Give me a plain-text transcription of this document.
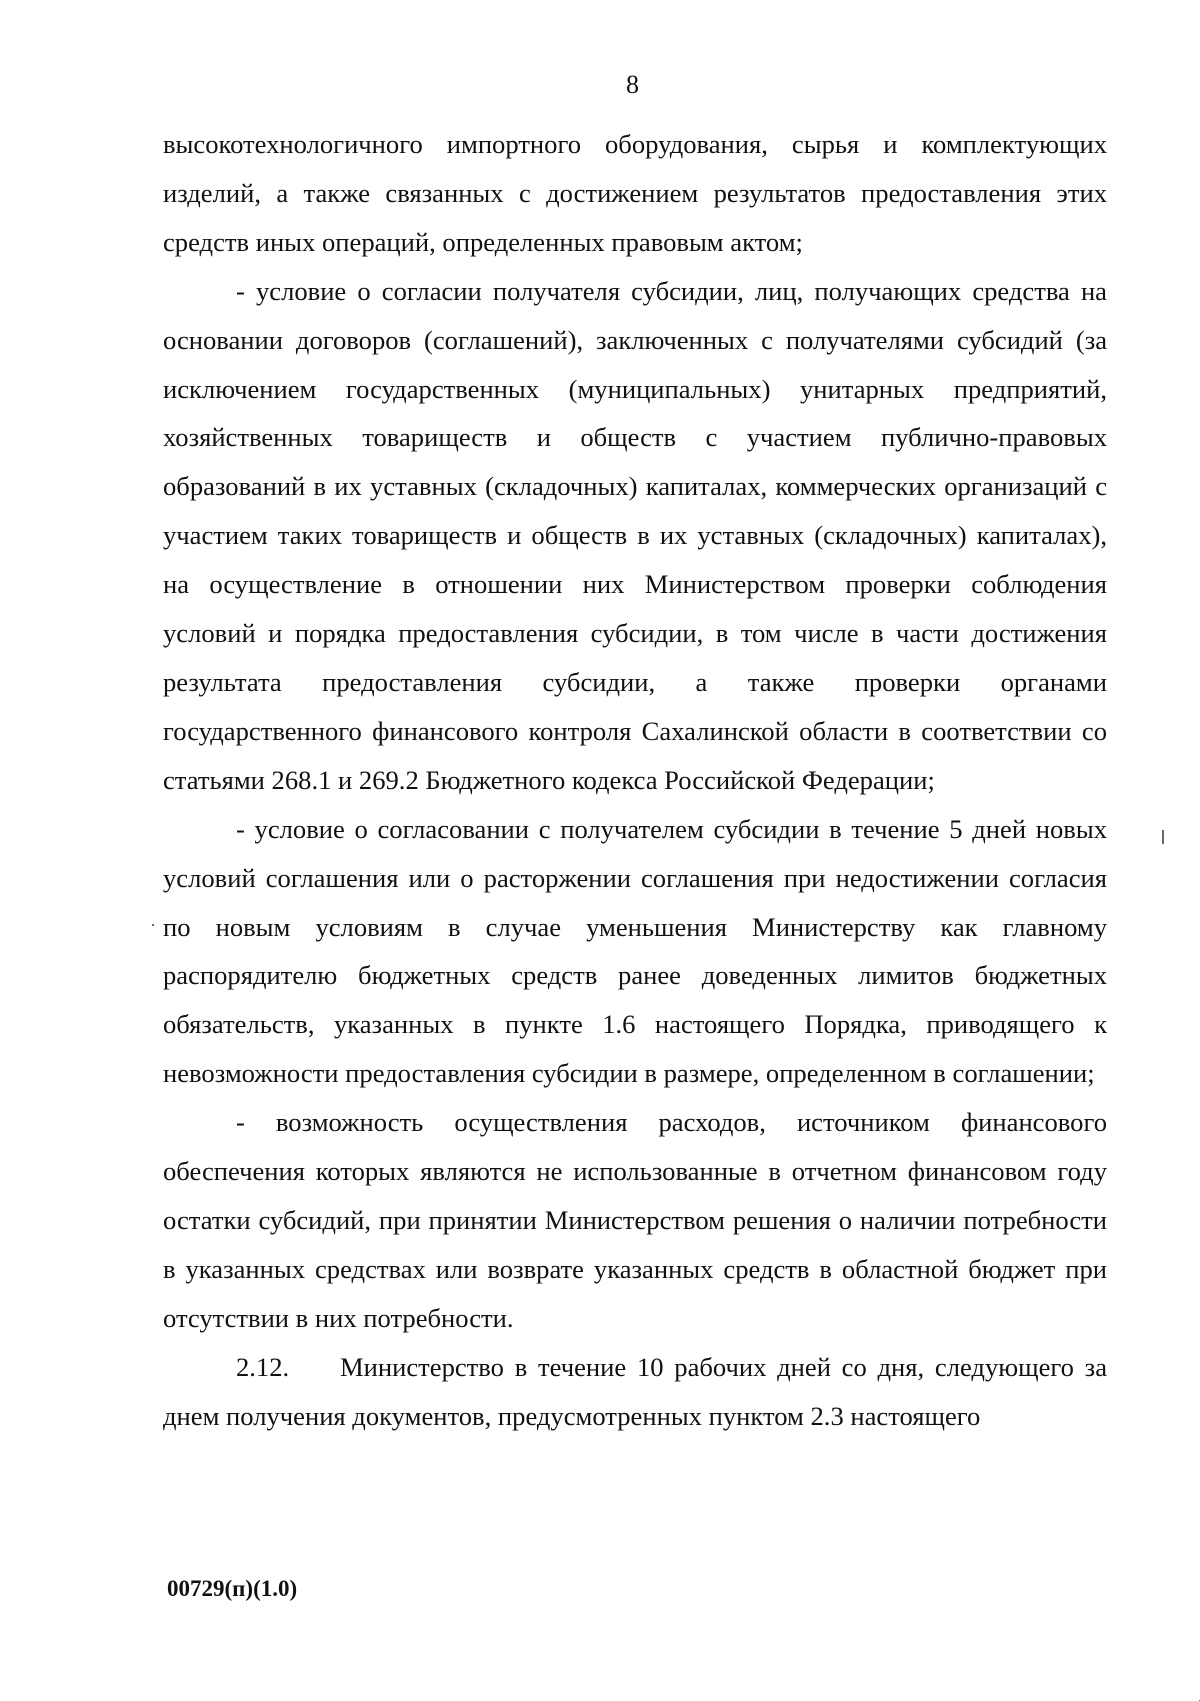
8

высокотехнологичного импортного оборудования, сырья и комплектующих изделий, а также связанных с достижением результатов предоставления этих средств иных операций, определенных правовым актом;

- условие о согласии получателя субсидии, лиц, получающих средства на основании договоров (соглашений), заключенных с получателями субсидий (за исключением государственных (муниципальных) унитарных предприятий, хозяйственных товариществ и обществ с участием публично-правовых образований в их уставных (складочных) капиталах, коммерческих организаций с участием таких товариществ и обществ в их уставных (складочных) капиталах), на осуществление в отношении них Министерством проверки соблюдения условий и порядка предоставления субсидии, в том числе в части достижения результата предоставления субсидии, а также проверки органами государственного финансового контроля Сахалинской области в соответствии со статьями 268.1 и 269.2 Бюджетного кодекса Российской Федерации;

- условие о согласовании с получателем субсидии в течение 5 дней новых условий соглашения или о расторжении соглашения при недостижении согласия по новым условиям в случае уменьшения Министерству как главному распорядителю бюджетных средств ранее доведенных лимитов бюджетных обязательств, указанных в пункте 1.6 настоящего Порядка, приводящего к невозможности предоставления субсидии в размере, определенном в соглашении;

- возможность осуществления расходов, источником финансового обеспечения которых являются не использованные в отчетном финансовом году остатки субсидий, при принятии Министерством решения о наличии потребности в указанных средствах или возврате указанных средств в областной бюджет при отсутствии в них потребности.

2.12. Министерство в течение 10 рабочих дней со дня, следующего за днем получения документов, предусмотренных пунктом 2.3 настоящего

00729(п)(1.0)
